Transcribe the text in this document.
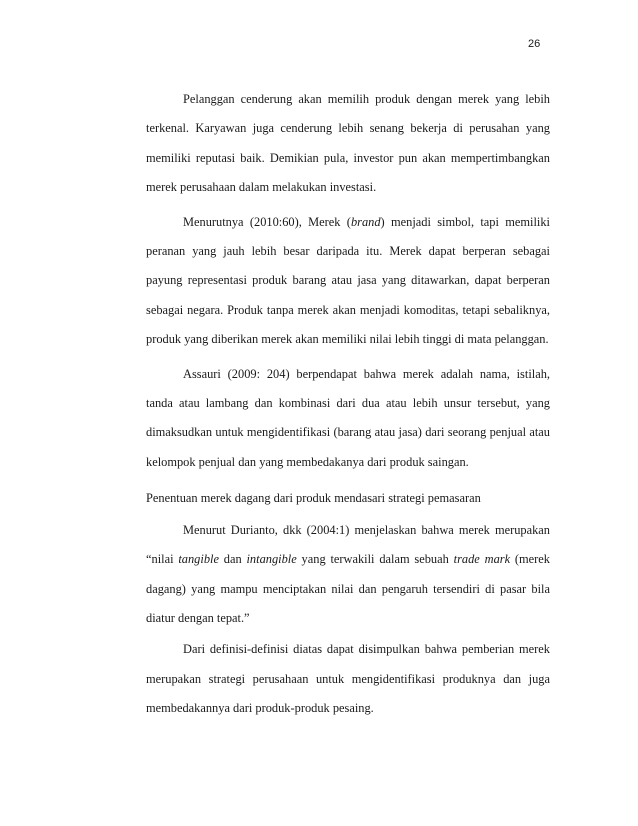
26

Pelanggan cenderung akan memilih produk dengan merek yang lebih terkenal. Karyawan juga cenderung lebih senang bekerja di perusahan yang memiliki reputasi baik. Demikian pula, investor pun akan mempertimbangkan merek perusahaan dalam melakukan investasi.

Menurutnya (2010:60), Merek (brand) menjadi simbol, tapi memiliki peranan yang jauh lebih besar daripada itu. Merek dapat berperan sebagai payung representasi produk barang atau jasa yang ditawarkan, dapat berperan sebagai negara. Produk tanpa merek akan menjadi komoditas, tetapi sebaliknya, produk yang diberikan merek akan memiliki nilai lebih tinggi di mata pelanggan.

Assauri (2009: 204) berpendapat bahwa merek adalah nama, istilah, tanda atau lambang dan kombinasi dari dua atau lebih unsur tersebut, yang dimaksudkan untuk mengidentifikasi (barang atau jasa) dari seorang penjual atau kelompok penjual dan yang membedakanya dari produk saingan.

Penentuan merek dagang dari produk mendasari strategi pemasaran

Menurut Durianto, dkk (2004:1) menjelaskan bahwa merek merupakan “nilai tangible dan intangible yang terwakili dalam sebuah trade mark (merek dagang) yang mampu menciptakan nilai dan pengaruh tersendiri di pasar bila diatur dengan tepat.”

Dari definisi-definisi diatas dapat disimpulkan bahwa pemberian merek merupakan strategi perusahaan untuk mengidentifikasi produknya dan juga membedakannya dari produk-produk pesaing.
